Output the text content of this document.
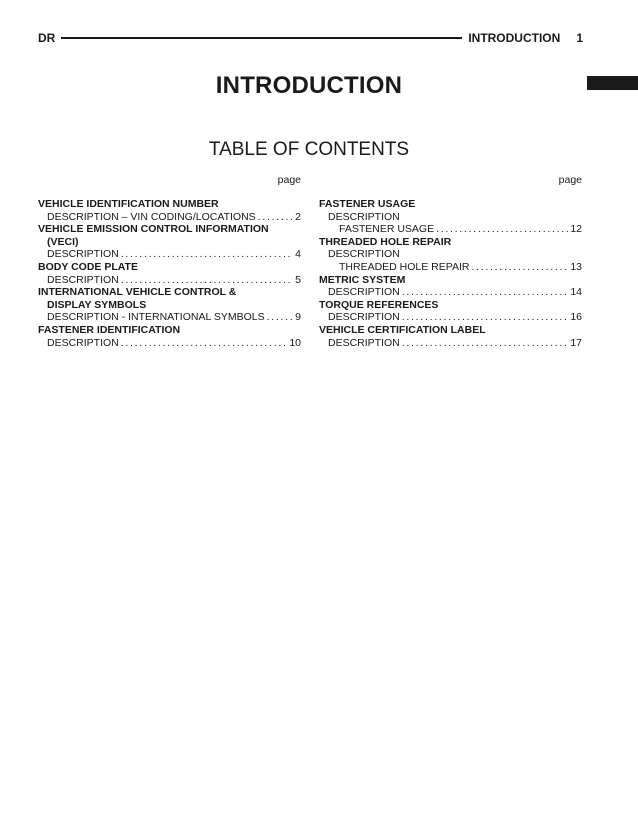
DR	INTRODUCTION 1
INTRODUCTION
TABLE OF CONTENTS
page
VEHICLE IDENTIFICATION NUMBER
DESCRIPTION – VIN CODING/LOCATIONS . . .	2
VEHICLE EMISSION CONTROL INFORMATION
(VECI)
DESCRIPTION . . .	4
BODY CODE PLATE
DESCRIPTION . . .	5
INTERNATIONAL VEHICLE CONTROL &
DISPLAY SYMBOLS
DESCRIPTION - INTERNATIONAL SYMBOLS . . .	9
FASTENER IDENTIFICATION
DESCRIPTION . . .	10
page
FASTENER USAGE
DESCRIPTION
FASTENER USAGE . . .	12
THREADED HOLE REPAIR
DESCRIPTION
THREADED HOLE REPAIR . . .	13
METRIC SYSTEM
DESCRIPTION . . .	14
TORQUE REFERENCES
DESCRIPTION . . .	16
VEHICLE CERTIFICATION LABEL
DESCRIPTION . . .	17
